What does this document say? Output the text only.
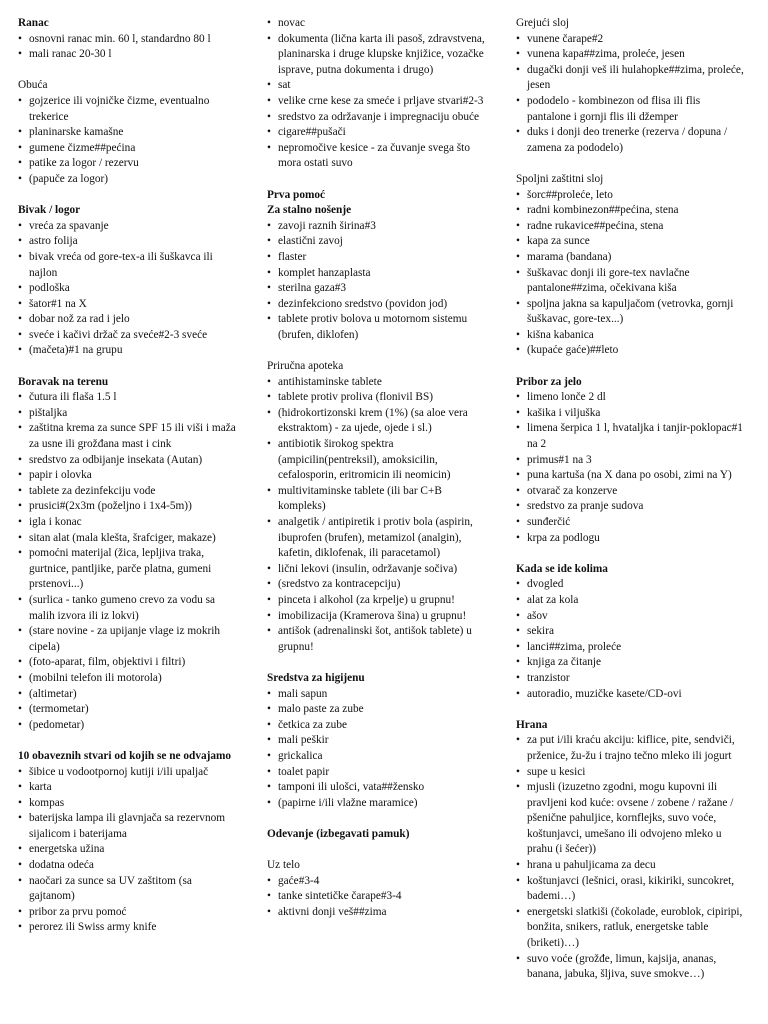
Ranac
• osnovni ranac min. 60 l, standardno 80 l
• mali ranac 20-30 l
Obuća
• gojzerice ili vojničke čizme, eventualno trekerice
• planinarske kamašne
• gumene čizme##pećina
• patike za logor / rezervu
• (papuče za logor)
Bivak / logor
• vreća za spavanje
• astro folija
• bivak vreća od gore-tex-a ili šuškavca ili najlon
• podloška
• šator#1 na X
• dobar nož za rad i jelo
• sveće i kačivi držač za sveće#2-3 sveće
• (mačeta)#1 na grupu
Boravak na terenu
• čutura ili flaša 1.5 l
• pištaljka
• zaštitna krema za sunce SPF 15 ili viši i maža za usne ili grožđana mast i cink
• sredstvo za odbijanje insekata (Autan)
• papir i olovka
• tablete za dezinfekciju vode
• prusici#(2x3m (poželjno i 1x4-5m))
• igla i konac
• sitan alat (mala klešta, šrafciger, makaze)
• pomoćni materijal (žica, lepljiva traka, gurtnice, pantljike, parče platna, gumeni prstenovi...)
• (surlica - tanko gumeno crevo za vodu sa malih izvora ili iz lokvi)
• (stare novine - za upijanje vlage iz mokrih cipela)
• (foto-aparat, film, objektivi i filtri)
• (mobilni telefon ili motorola)
• (altimetar)
• (termometar)
• (pedometar)
10 obaveznih stvari od kojih se ne odvajamo
• šibice u vodootpornoj kutiji i/ili upaljač
• karta
• kompas
• baterijska lampa ili glavnjača sa rezervnom sijalicom i baterijama
• energetska užina
• dodatna odeća
• naočari za sunce sa UV zaštitom (sa gajtanom)
• pribor za prvu pomoć
• perorez ili Swiss army knife
• novac
• dokumenta (lična karta ili pasoš, zdravstvena, planinarska i druge klupske knjižice, vozačke isprave, putna dokumenta i drugo)
• sat
• velike crne kese za smeće i prljave stvari#2-3
• sredstvo za održavanje i impregnaciju obuće
• cigare##pušači
• nepromočive kesice - za čuvanje svega što mora ostati suvo
Prva pomoć
Za stalno nošenje
• zavoji raznih širina#3
• elastični zavoj
• flaster
• komplet hanzaplasta
• sterilna gaza#3
• dezinfekciono sredstvo (povidon jod)
• tablete protiv bolova u motornom sistemu (brufen, diklofen)
Priručna apoteka
• antihistaminske tablete
• tablete protiv proliva (flonivil BS)
• (hidrokortizonski krem (1%) (sa aloe vera ekstraktom) - za ujede, ojede i sl.)
• antibiotik širokog spektra (ampicilin(pentreksil), amoksicilin, cefalosporin, eritromicin ili neomicin)
• multivitaminske tablete (ili bar C+B kompleks)
• analgetik / antipiretik i protiv bola (aspirin, ibuprofen (brufen), metamizol (analgin), kafetin, diklofenak, ili paracetamol)
• lični lekovi (insulin, održavanje sočiva)
• (sredstvo za kontracepciju)
• pinceta i alkohol (za krpelje) u grupnu!
• imobilizacija (Kramerova šina) u grupnu!
• antišok (adrenalinski šot, antišok tablete) u grupnu!
Sredstva za higijenu
• mali sapun
• malo paste za zube
• četkica za zube
• mali peškir
• grickalica
• toalet papir
• tamponi ili ulošci, vata##žensko
• (papirne i/ili vlažne maramice)
Odevanje (izbegavati pamuk)
Uz telo
• gaće#3-4
• tanke sintetičke čarape#3-4
• aktivni donji veš##zima
Grejući sloj
• vunene čarape#2
• vunena kapa##zima, proleće, jesen
• dugački donji veš ili hulahopke##zima, proleće, jesen
• pododelo - kombinezon od flisa ili flis pantalone i gornji flis ili džemper
• duks i donji deo trenerke (rezerva / dopuna / zamena za pododelo)
Spoljni zaštitni sloj
• šorc##proleće, leto
• radni kombinezon##pećina, stena
• radne rukavice##pećina, stena
• kapa za sunce
• marama (bandana)
• šuškavac donji ili gore-tex navlačne pantalone##zima, očekivana kiša
• spoljna jakna sa kapuljačom (vetrovka, gornji šuškavac, gore-tex...)
• kišna kabanica
• (kupaće gaće)##leto
Pribor za jelo
• limeno lonče 2 dl
• kašika i viljuška
• limena šerpica 1 l, hvataljka i tanjir-poklopac#1 na 2
• primus#1 na 3
• puna kartuša (na X dana po osobi, zimi na Y)
• otvarač za konzerve
• sredstvo za pranje sudova
• sunđerčić
• krpa za podlogu
Kada se ide kolima
• dvogled
• alat za kola
• ašov
• sekira
• lanci##zima, proleće
• knjiga za čitanje
• tranzistor
• autoradio, muzičke kasete/CD-ovi
Hrana
• za put i/ili kraću akciju: kiflice, pite, sendviči, prženice, žu-žu i trajno tečno mleko ili jogurt
• supe u kesici
• mjusli (izuzetno zgodni, mogu kupovni ili pravljeni kod kuće: ovsene / zobene / ražane / pšenične pahuljice, kornflejks, suvo voće, koštunjavci, umešano ili odvojeno mleko u prahu (i šećer))
• hrana u pahuljicama za decu
• koštunjavci (lešnici, orasi, kikiriki, suncokret, bademi…)
• energetski slatkiši (čokolade, euroblok, cipiripi, bonžita, snikers, ratluk, energetske table (briketi)…)
• suvo voće (grožđe, limun, kajsija, ananas, banana, jabuka, šljiva, suve smokve…)
